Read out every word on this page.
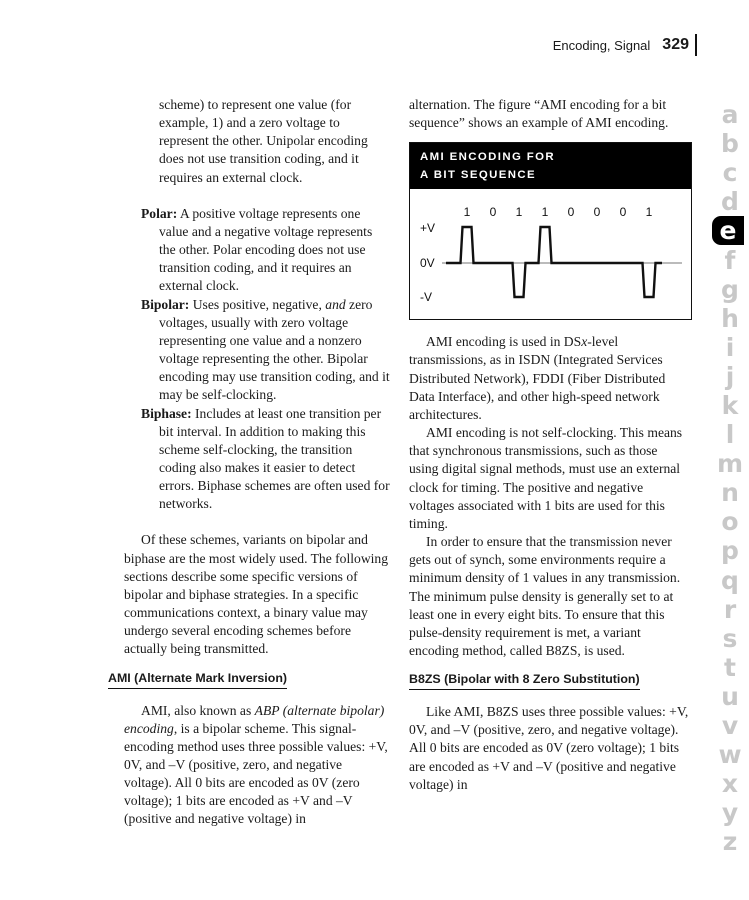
Encoding, Signal 329

scheme) to represent one value (for example, 1) and a zero voltage to represent the other. Unipolar encoding does not use transition coding, and it requires an external clock.

Polar: A positive voltage represents one value and a negative voltage represents the other. Polar encoding does not use transition coding, and it requires an external clock.

Bipolar: Uses positive, negative, and zero voltages, usually with zero voltage representing one value and a nonzero voltage representing the other. Bipolar encoding may use transition coding, and it may be self-clocking.

Biphase: Includes at least one transition per bit interval. In addition to making this scheme self-clocking, the transition coding also makes it easier to detect errors. Biphase schemes are often used for networks.

Of these schemes, variants on bipolar and biphase are the most widely used. The following sections describe some specific versions of bipolar and biphase strategies. In a specific communications context, a binary value may undergo several encoding schemes before actually being transmitted.

AMI (Alternate Mark Inversion)

AMI, also known as ABP (alternate bipolar) encoding, is a bipolar scheme. This signal-encoding method uses three possible values: +V, 0V, and –V (positive, zero, and negative voltage). All 0 bits are encoded as 0V (zero voltage); 1 bits are encoded as +V and –V (positive and negative voltage) in

alternation. The figure “AMI encoding for a bit sequence” shows an example of AMI encoding.

AMI ENCODING FOR
A BIT SEQUENCE
+V
0V
-V
1 0 1 1 0 0 0 1

AMI encoding is used in DSx-level transmissions, as in ISDN (Integrated Services Distributed Network), FDDI (Fiber Distributed Data Interface), and other high-speed network architectures.

AMI encoding is not self-clocking. This means that synchronous transmissions, such as those using digital signal methods, must use an external clock for timing. The positive and negative voltages associated with 1 bits are used for this timing.

In order to ensure that the transmission never gets out of synch, some environments require a minimum density of 1 values in any transmission. The minimum pulse density is generally set to at least one in every eight bits. To ensure that this pulse-density requirement is met, a variant encoding method, called B8ZS, is used.

B8ZS (Bipolar with 8 Zero Substitution)

Like AMI, B8ZS uses three possible values: +V, 0V, and –V (positive, zero, and negative voltage). All 0 bits are encoded as 0V (zero voltage); 1 bits are encoded as +V and –V (positive and negative voltage) in

a
b
c
d
e
f
g
h
i
j
k
l
m
n
o
p
q
r
s
t
u
v
w
x
y
z
